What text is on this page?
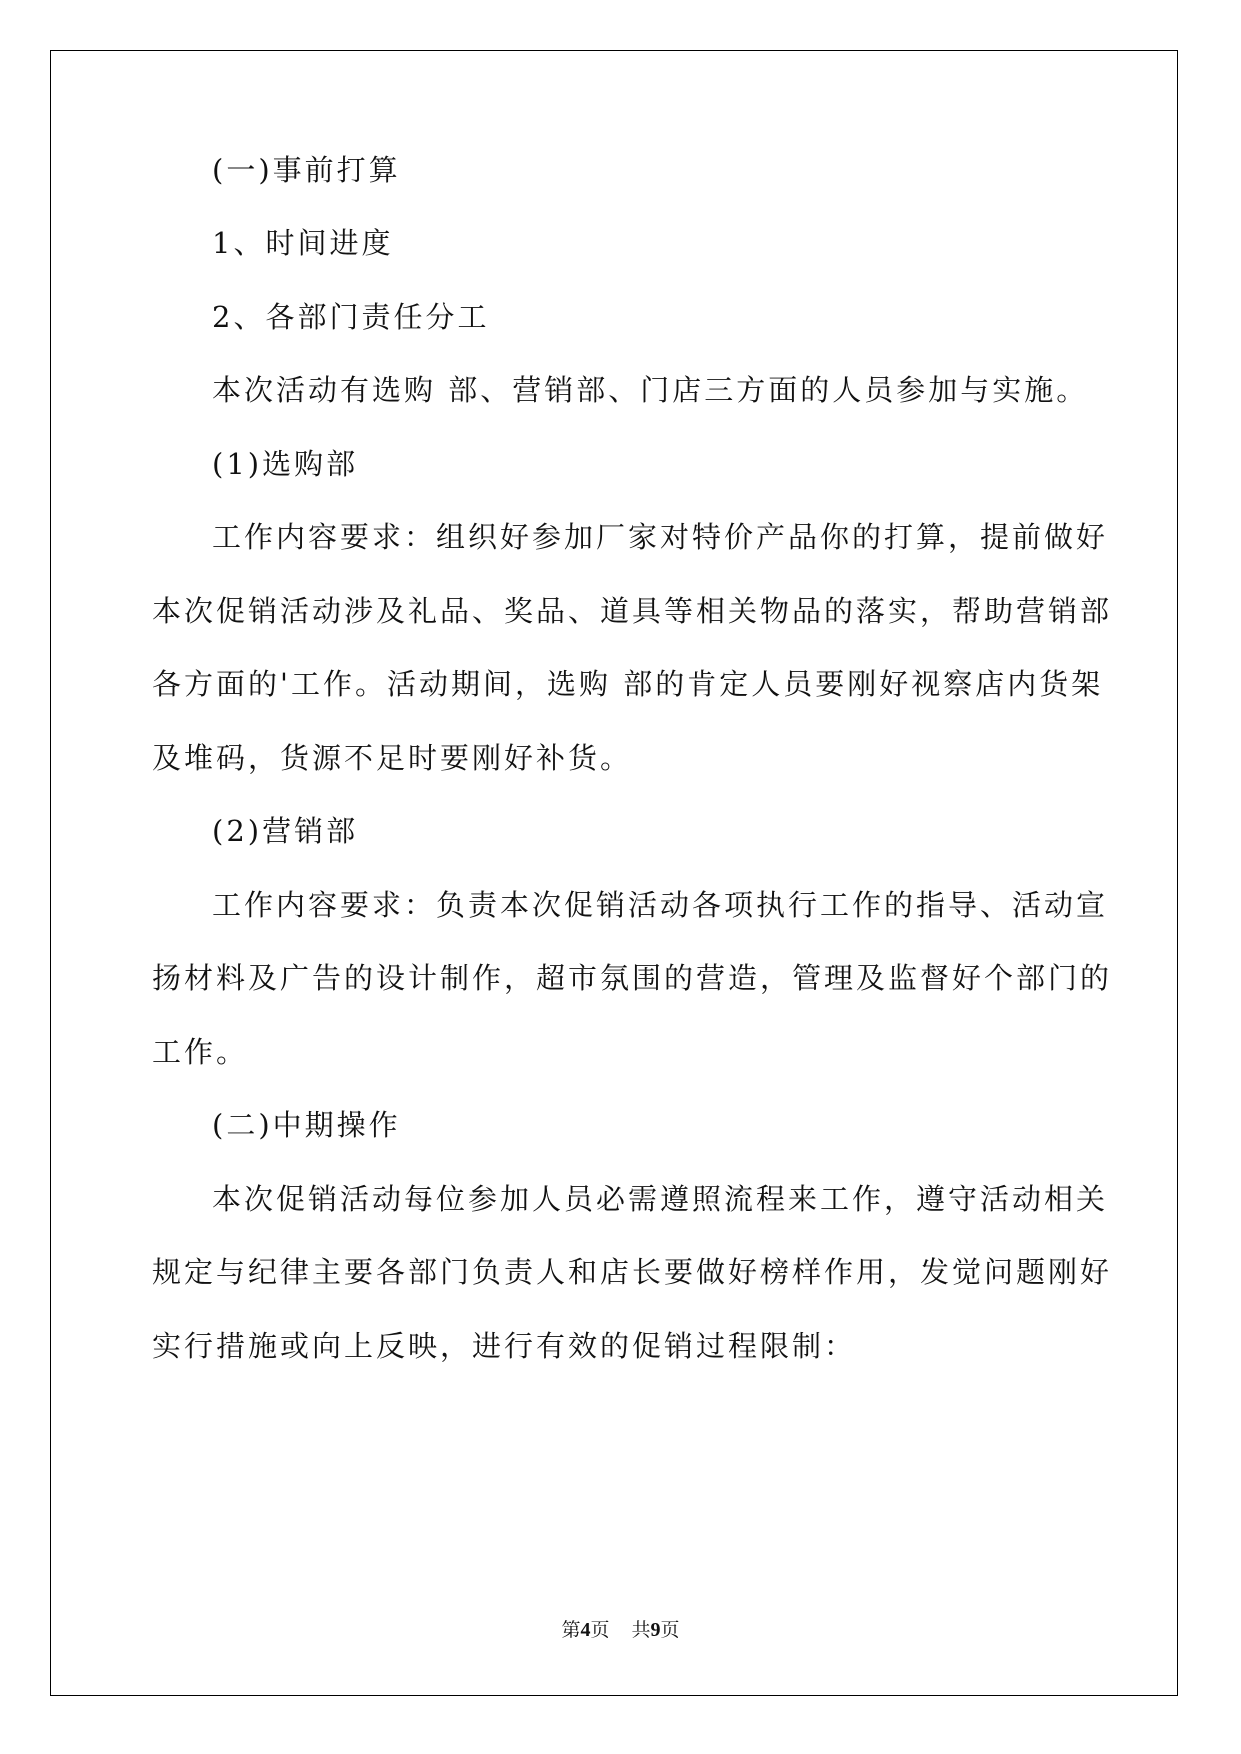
(一)事前打算
1、时间进度
2、各部门责任分工
本次活动有选购 部、营销部、门店三方面的人员参加与实施。
(1)选购部
工作内容要求：组织好参加厂家对特价产品你的打算，提前做好
本次促销活动涉及礼品、奖品、道具等相关物品的落实，帮助营销部
各方面的'工作。活动期间，选购 部的肯定人员要刚好视察店内货架
及堆码，货源不足时要刚好补货。
(2)营销部
工作内容要求：负责本次促销活动各项执行工作的指导、活动宣
扬材料及广告的设计制作，超市氛围的营造，管理及监督好个部门的
工作。
(二)中期操作
本次促销活动每位参加人员必需遵照流程来工作，遵守活动相关
规定与纪律主要各部门负责人和店长要做好榜样作用，发觉问题刚好
实行措施或向上反映，进行有效的促销过程限制：
第4页 共9页
